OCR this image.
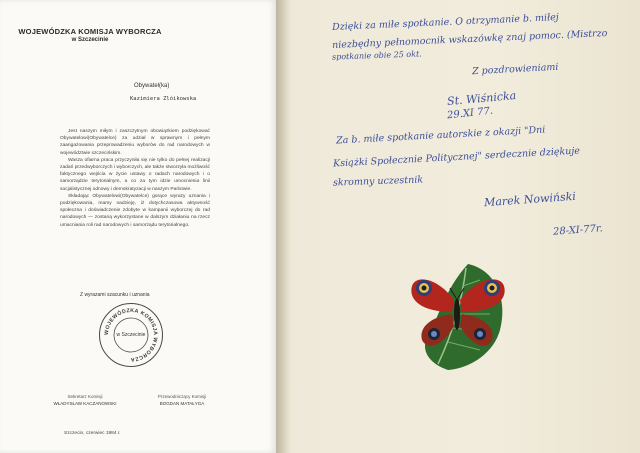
WOJEWÓDZKA KOMISJA WYBORCZA
w Szczecinie
Obywatel(ka)
Kazimiera Zlóikowska

Jest naszym miłym i zaszczytnym obowiązkiem podziękować Obywatelowi(Obywatelce) za udział w sprawnym i pełnym zaangażowania przeprowadzeniu wyborów do rad narodowych w województwie szczecińskim.

Wasza ofiarna praca przyczyniła się nie tylko do pełnej realizacji zadań przedwyborczych i wyborczych, ale także stworzyła możliwość faktycznego wejścia w życie ustawy o radach narodowych i o samorządzie terytorialnym, a co za tym idzie umocnienia linii socjalistycznej odnowy i demokratyzacji w naszym Państwie.

Składając Obywatelowi(Obywatelce) gorące wyrazy uznania i podziękowania, mamy nadzieję, iż dotychczasowa aktywność społeczna i doświadczenie zdobyte w kampanii wyborczej do rad narodowych — zostaną wykorzystane w dalszym działaniu na rzecz umacniania roli rad narodowych i samorządu terytorialnego.

Z wyrazami szacunku i uznania
WOJEWÓDZKA KOMISJA WYBORCZA
w Szczecinie
Sekretarz Komisji
WŁADYSŁAW KACZANOWSKI
Przewodniczący Komisji
BOGDAN MATAŁYGA
Szczecin, czerwiec 1984 r.
Dzięki za miłe spotkanie. O otrzymanie b. miłej
niezbędny pełnomocnik wskazówkę znaj pomoc. (Mistrzo
spotkanie obie 25 okt.
Z pozdrowieniami
St. Wiśnicka
29.XI 77.
Za b. miłe spotkanie autorskie z okazji "Dni
Książki Społecznie Politycznej" serdecznie dziękuje
skromny uczestnik
Marek Nowiński
28-XI-77r.
